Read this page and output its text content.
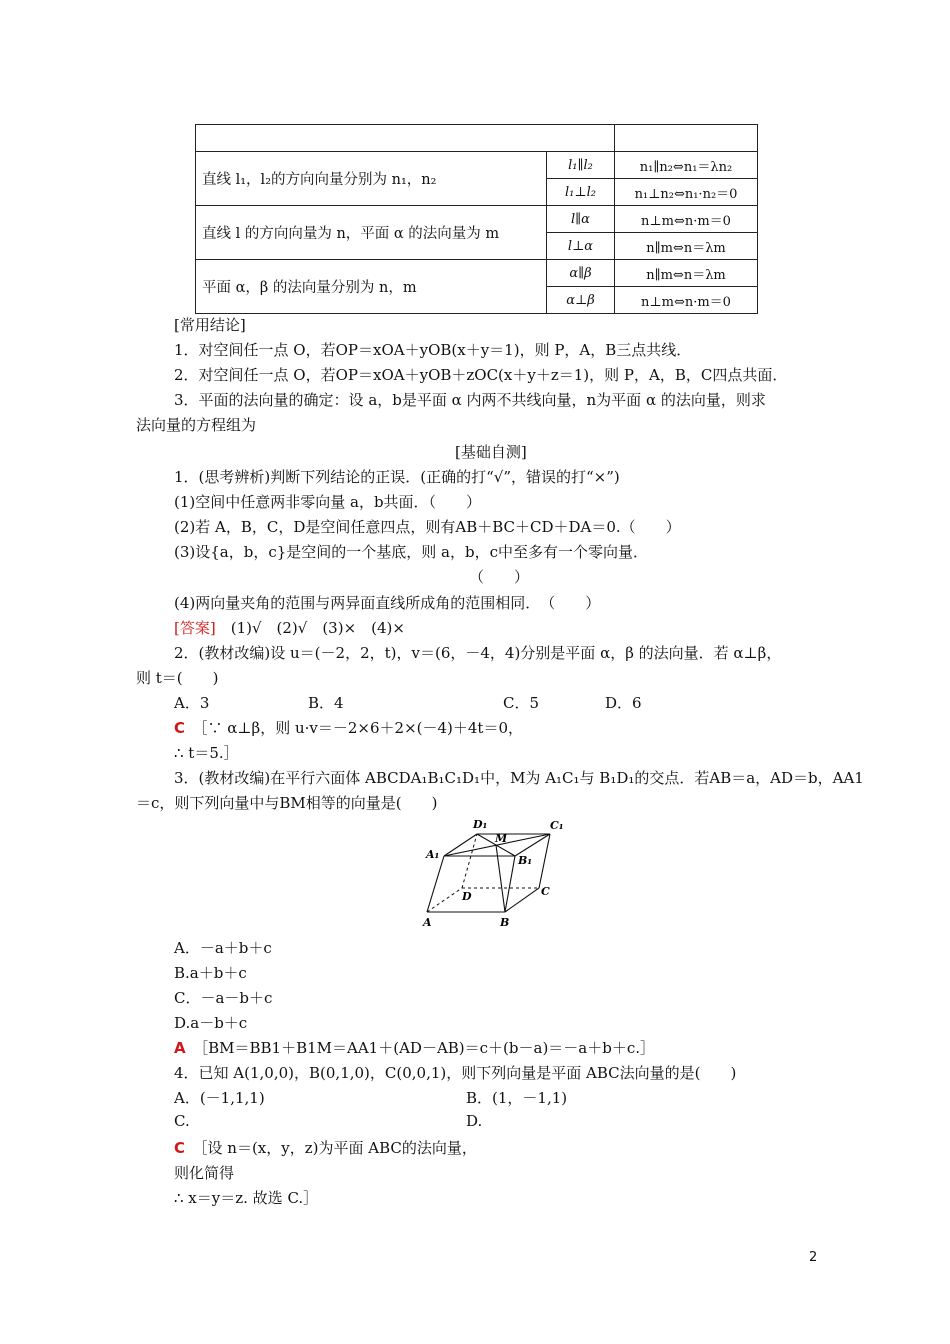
直线 l₁，l₂的方向向量分别为 n₁，n₂	l₁∥l₂	n₁∥n₂⇔n₁＝λn₂
	l₁⊥l₂	n₁⊥n₂⇔n₁·n₂＝0
直线 l 的方向向量为 n，平面 α 的法向量为 m	l∥α	n⊥m⇔n·m＝0
	l⊥α	n∥m⇔n＝λm
平面 α，β 的法向量分别为 n，m	α∥β	n∥m⇔n＝λm
	α⊥β	n⊥m⇔n·m＝0
[常用结论]
1．对空间任一点 O，若OP＝xOA＋yOB(x＋y＝1)，则 P，A，B三点共线．
2．对空间任一点 O，若OP＝xOA＋yOB＋zOC(x＋y＋z＝1)，则 P，A，B，C四点共面．
3．平面的法向量的确定：设 a，b是平面 α 内两不共线向量，n为平面 α 的法向量，则求
法向量的方程组为
[基础自测]
1．(思考辨析)判断下列结论的正误．(正确的打“√”，错误的打“×”)
(1)空间中任意两非零向量 a，b共面．（　　）
(2)若 A，B，C，D是空间任意四点，则有AB＋BC＋CD＋DA＝0.（　　）
(3)设{a，b，c}是空间的一个基底，则 a，b，c中至多有一个零向量．
（　　）
(4)两向量夹角的范围与两异面直线所成角的范围相同．　（　　）
[答案]　(1)√　(2)√　(3)×　(4)×
2．(教材改编)设 u＝(－2，2，t)，v＝(6，－4，4)分别是平面 α，β 的法向量．若 α⊥β，
则 t＝(　　)
A．3	B．4	C．5	D．6
C　 ［∵ α⊥β，则 u·v＝－2×6＋2×(－4)＋4t＝0，
∴ t＝5.］
3．(教材改编)在平行六面体 ABCDA₁B₁C₁D₁中，M为 A₁C₁与 B₁D₁的交点．若AB＝a，AD＝b，AA1
＝c，则下列向量中与BM相等的向量是(　　)
D₁
M
C₁
A₁	B₁
D	C
A	B
A．－a＋b＋c
B.a＋b＋c
C．－a－b＋c
D.a－b＋c
A　 ［BM＝BB1＋B1M＝AA1＋(AD－AB)＝c＋(b－a)＝－a＋b＋c.］
4．已知 A(1,0,0)，B(0,1,0)，C(0,0,1)，则下列向量是平面 ABC法向量的是(　　)
A．(－1,1,1)	B．(1，－1,1)
C.	D.
C　 ［设 n＝(x，y，z)为平面 ABC的法向量，
则化简得
∴ x＝y＝z. 故选 C.］
2
